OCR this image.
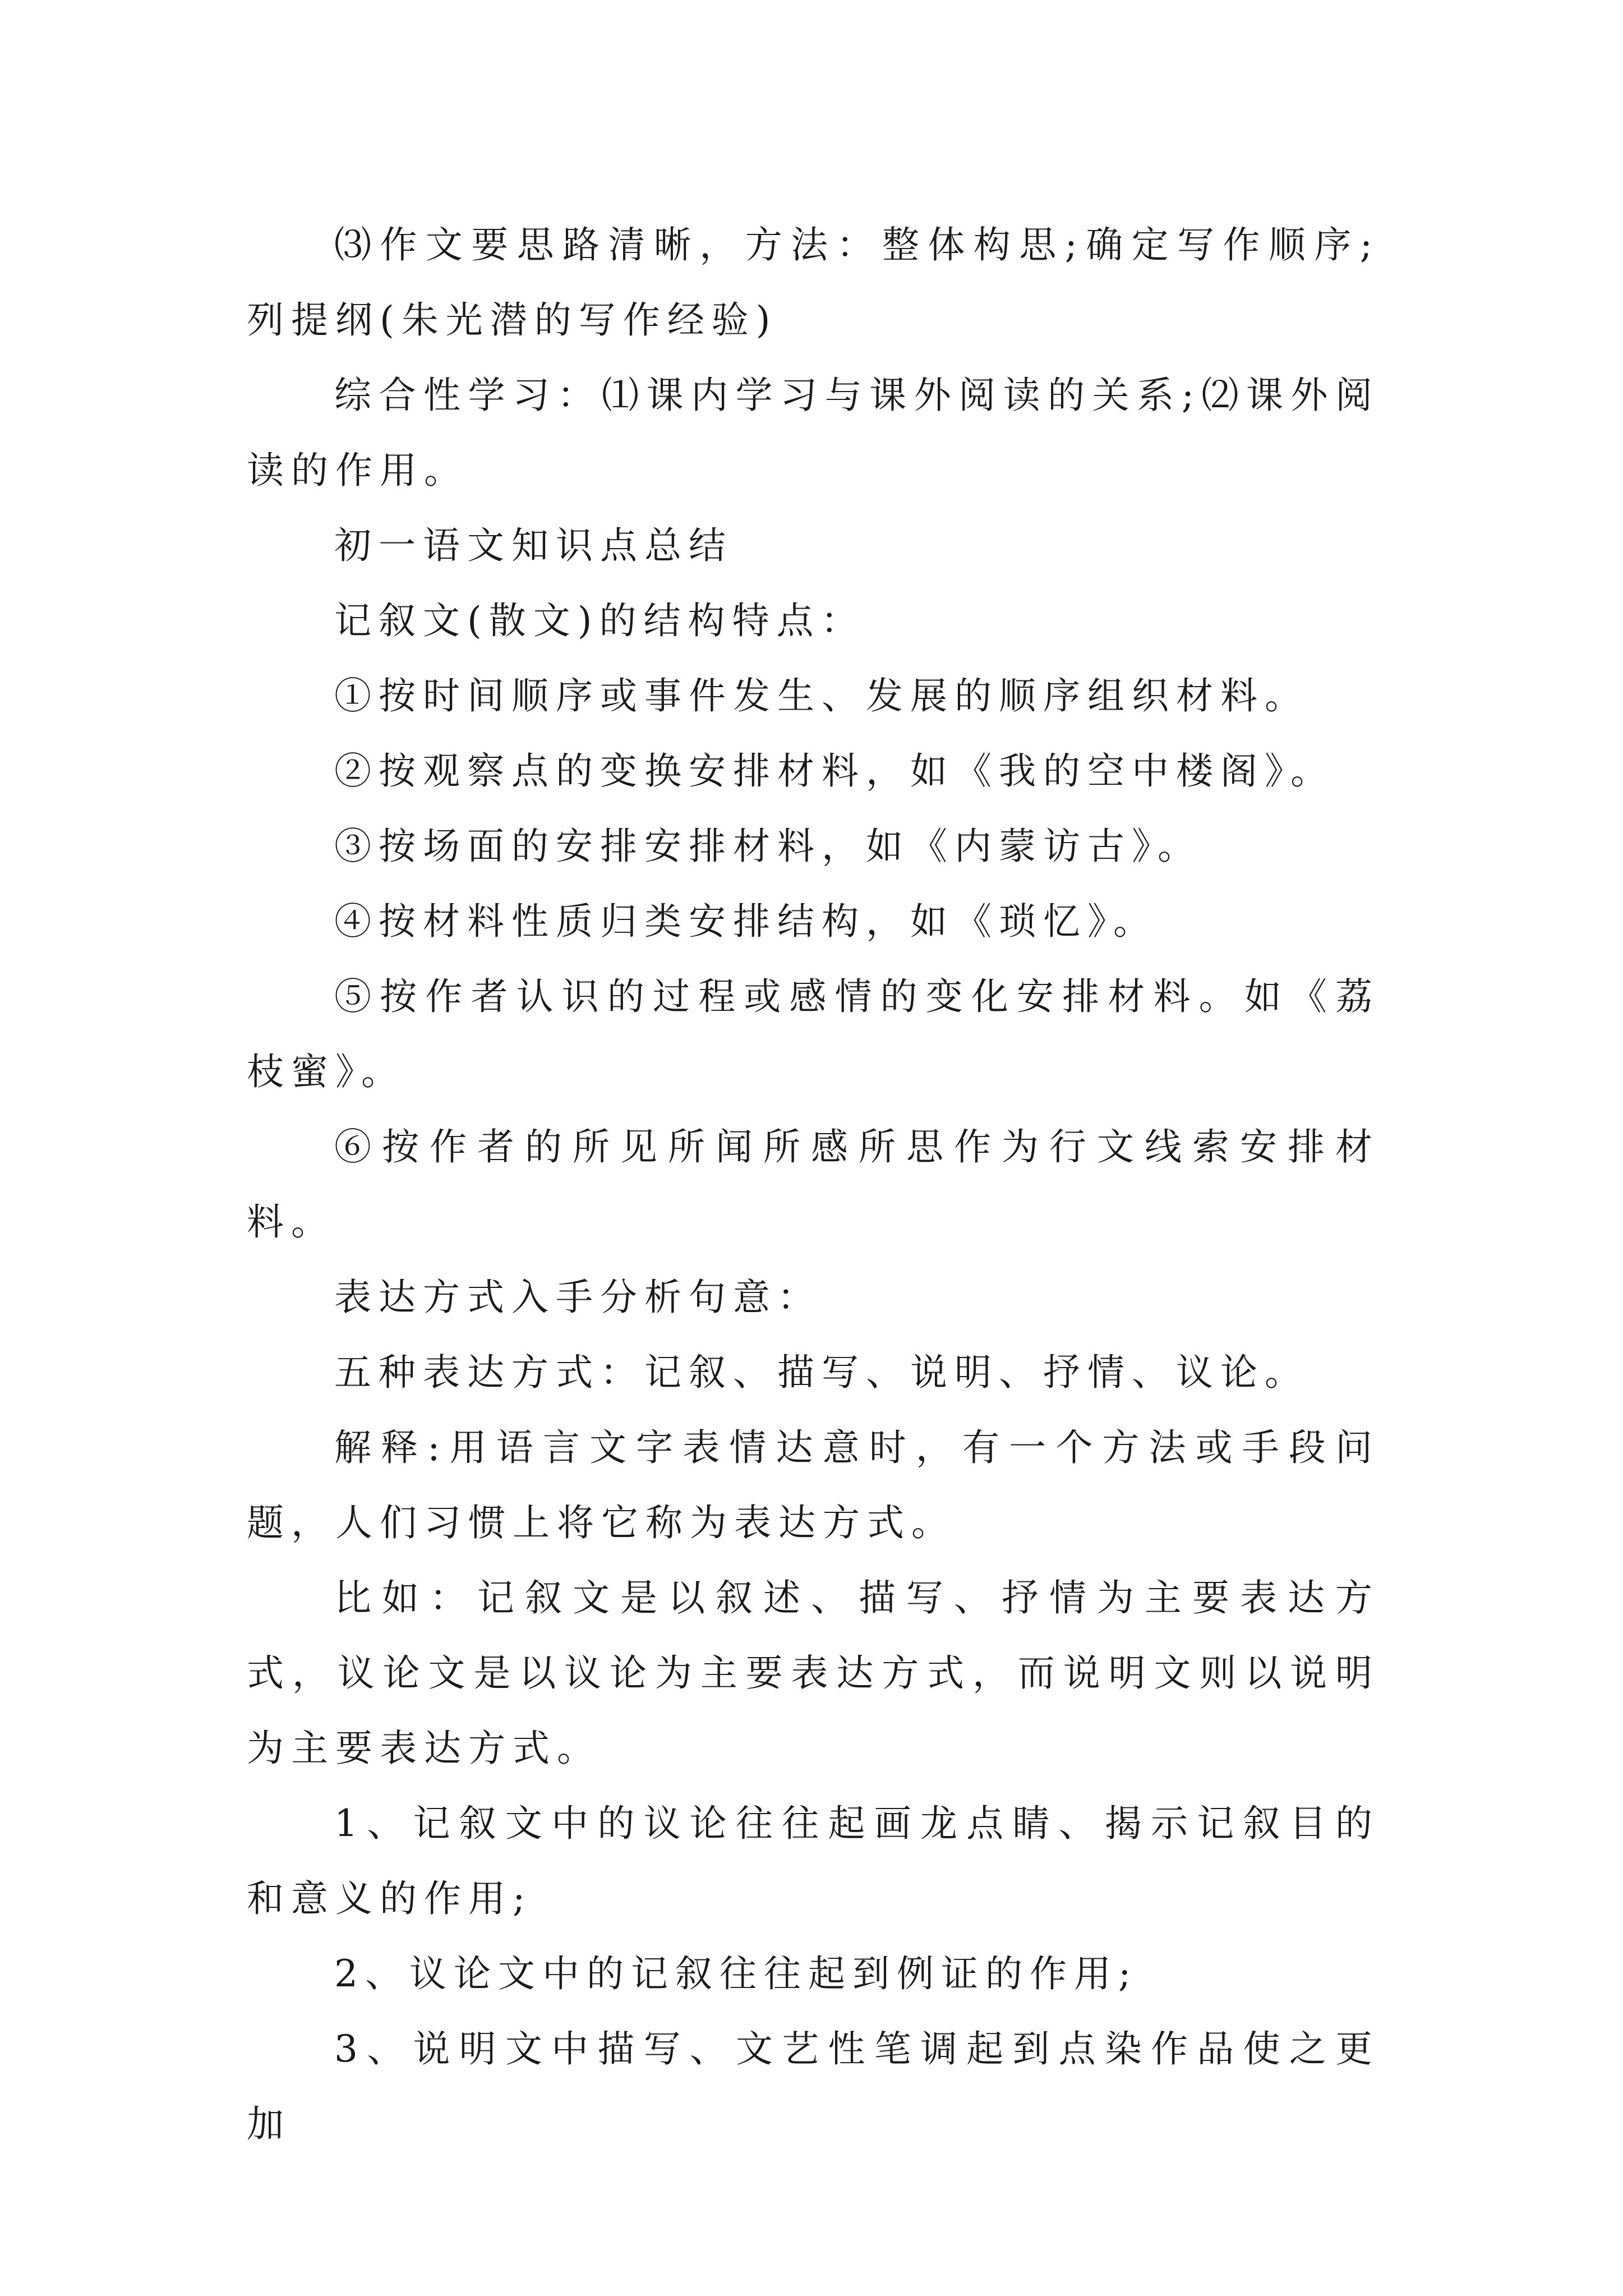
⑶作文要思路清晰，方法：整体构思;确定写作顺序;列提纲(朱光潜的写作经验)

综合性学习：⑴课内学习与课外阅读的关系;⑵课外阅读的作用。

初一语文知识点总结

记叙文(散文)的结构特点：

①按时间顺序或事件发生、发展的顺序组织材料。

②按观察点的变换安排材料，如《我的空中楼阁》。

③按场面的安排安排材料，如《内蒙访古》。

④按材料性质归类安排结构，如《琐忆》。

⑤按作者认识的过程或感情的变化安排材料。如《荔枝蜜》。

⑥按作者的所见所闻所感所思作为行文线索安排材料。

表达方式入手分析句意：

五种表达方式：记叙、描写、说明、抒情、议论。

解释:用语言文字表情达意时，有一个方法或手段问题，人们习惯上将它称为表达方式。

比如：记叙文是以叙述、描写、抒情为主要表达方式，议论文是以议论为主要表达方式，而说明文则以说明为主要表达方式。

1、记叙文中的议论往往起画龙点睛、揭示记叙目的和意义的作用;

2、议论文中的记叙往往起到例证的作用;

3、说明文中描写、文艺性笔调起到点染作品使之更加
